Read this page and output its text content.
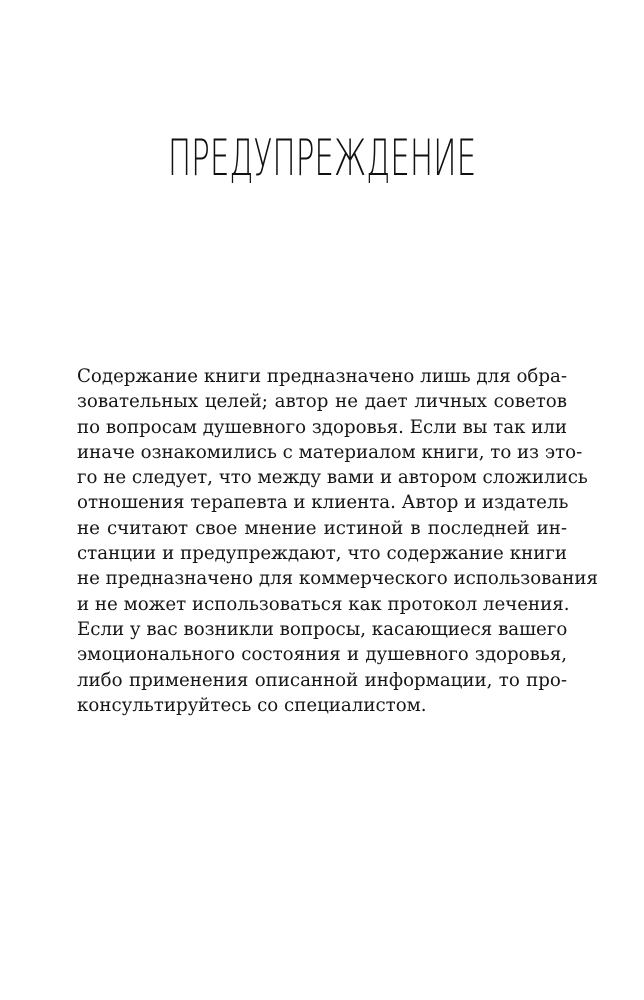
ПРЕДУПРЕЖДЕНИЕ
Содержание книги предназначено лишь для обра-
зовательных целей; автор не дает личных советов
по вопросам душевного здоровья. Если вы так или
иначе ознакомились с материалом книги, то из это-
го не следует, что между вами и автором сложились
отношения терапевта и клиента. Автор и издатель
не считают свое мнение истиной в последней ин-
станции и предупреждают, что содержание книги
не предназначено для коммерческого использования
и не может использоваться как протокол лечения.
Если у вас возникли вопросы, касающиеся вашего
эмоционального состояния и душевного здоровья,
либо применения описанной информации, то про-
консультируйтесь со специалистом.
